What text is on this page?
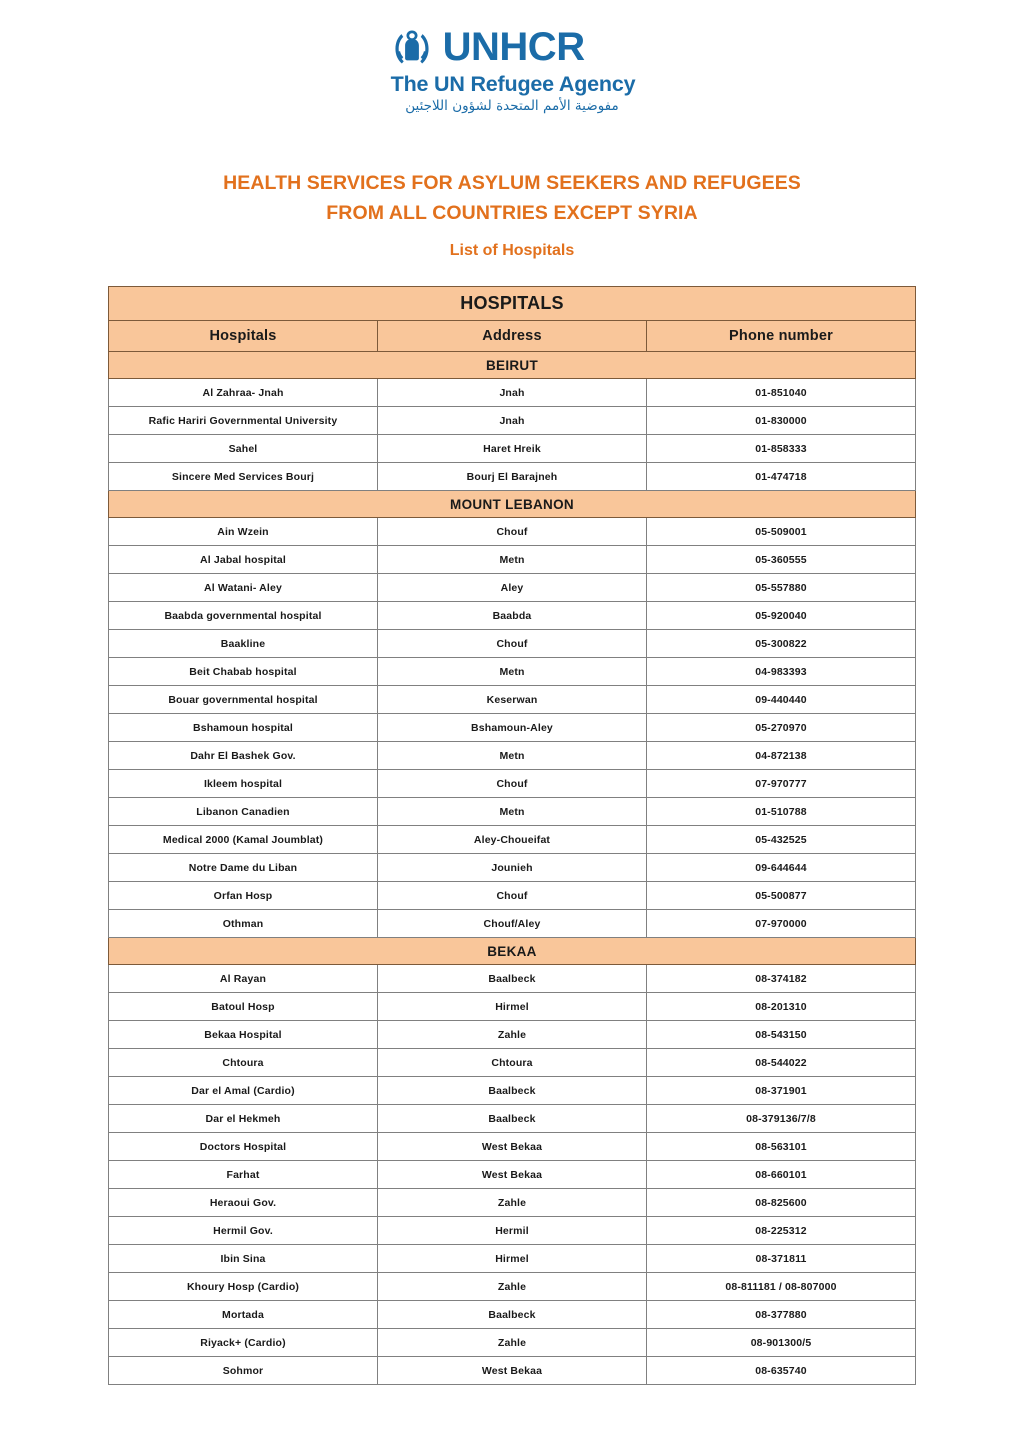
UNHCR
The UN Refugee Agency
مفوضية الأمم المتحدة لشؤون اللاجئين
HEALTH SERVICES FOR ASYLUM SEEKERS AND REFUGEES
FROM ALL COUNTRIES EXCEPT SYRIA
List of Hospitals
HOSPITALS		
Hospitals	Address	Phone number
BEIRUT		
Al Zahraa- Jnah	Jnah	01-851040
Rafic Hariri Governmental University	Jnah	01-830000
Sahel	Haret Hreik	01-858333
Sincere Med Services Bourj	Bourj El Barajneh	01-474718
MOUNT LEBANON		
Ain Wzein	Chouf	05-509001
Al Jabal hospital	Metn	05-360555
Al Watani- Aley	Aley	05-557880
Baabda governmental hospital	Baabda	05-920040
Baakline	Chouf	05-300822
Beit Chabab hospital	Metn	04-983393
Bouar governmental hospital	Keserwan	09-440440
Bshamoun hospital	Bshamoun-Aley	05-270970
Dahr El Bashek Gov.	Metn	04-872138
Ikleem hospital	Chouf	07-970777
Libanon Canadien	Metn	01-510788
Medical 2000 (Kamal Joumblat)	Aley-Choueifat	05-432525
Notre Dame du Liban	Jounieh	09-644644
Orfan Hosp	Chouf	05-500877
Othman	Chouf/Aley	07-970000
BEKAA		
Al Rayan	Baalbeck	08-374182
Batoul Hosp	Hirmel	08-201310
Bekaa Hospital	Zahle	08-543150
Chtoura	Chtoura	08-544022
Dar el Amal (Cardio)	Baalbeck	08-371901
Dar el Hekmeh	Baalbeck	08-379136/7/8
Doctors Hospital	West Bekaa	08-563101
Farhat	West Bekaa	08-660101
Heraoui Gov.	Zahle	08-825600
Hermil Gov.	Hermil	08-225312
Ibin Sina	Hirmel	08-371811
Khoury Hosp (Cardio)	Zahle	08-811181 / 08-807000
Mortada	Baalbeck	08-377880
Riyack+ (Cardio)	Zahle	08-901300/5
Sohmor	West Bekaa	08-635740
